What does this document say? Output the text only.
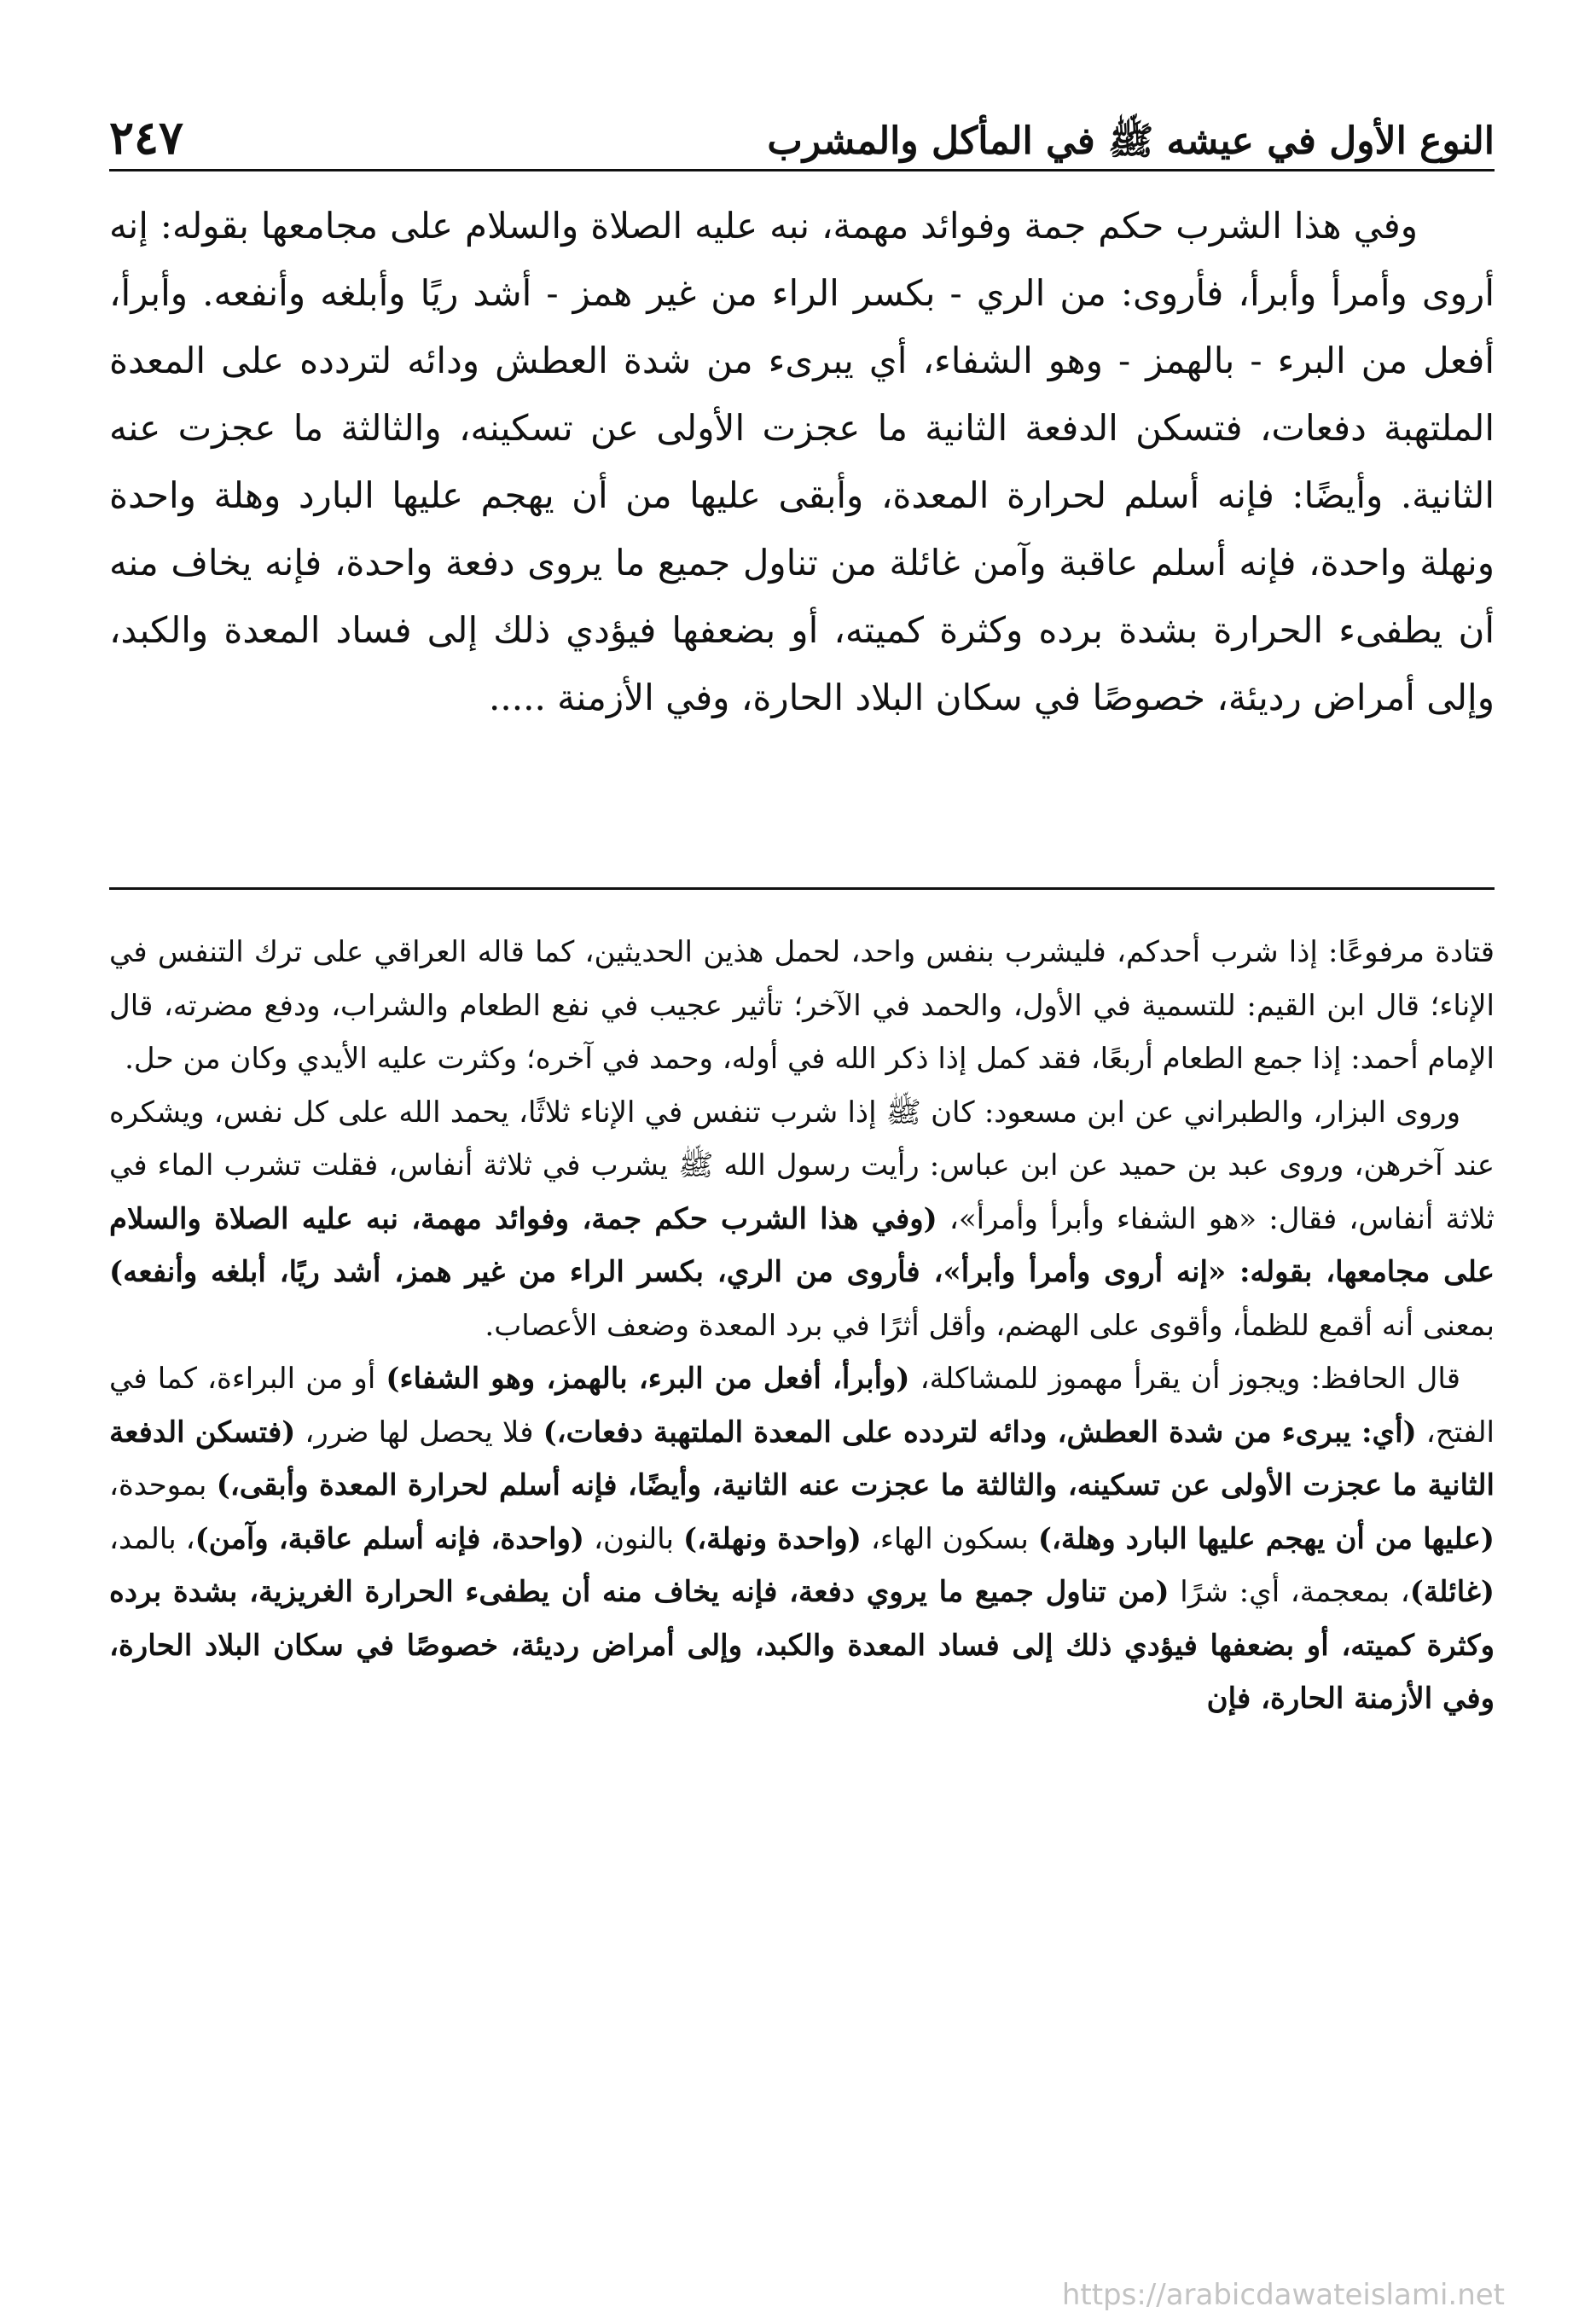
النوع الأول في عيشه ﷺ في المأكل والمشرب
٢٤٧

وفي هذا الشرب حكم جمة وفوائد مهمة، نبه عليه الصلاة والسلام على مجامعها بقوله: إنه أروى وأمرأ وأبرأ، فأروى: من الري - بكسر الراء من غير همز - أشد ريًا وأبلغه وأنفعه. وأبرأ، أفعل من البرء - بالهمز - وهو الشفاء، أي يبرىء من شدة العطش ودائه لتردده على المعدة الملتهبة دفعات، فتسكن الدفعة الثانية ما عجزت الأولى عن تسكينه، والثالثة ما عجزت عنه الثانية. وأيضًا: فإنه أسلم لحرارة المعدة، وأبقى عليها من أن يهجم عليها البارد وهلة واحدة ونهلة واحدة، فإنه أسلم عاقبة وآمن غائلة من تناول جميع ما يروى دفعة واحدة، فإنه يخاف منه أن يطفىء الحرارة بشدة برده وكثرة كميته، أو بضعفها فيؤدي ذلك إلى فساد المعدة والكبد، وإلى أمراض رديئة، خصوصًا في سكان البلاد الحارة، وفي الأزمنة .....

قتادة مرفوعًا: إذا شرب أحدكم، فليشرب بنفس واحد، لحمل هذين الحديثين، كما قاله العراقي على ترك التنفس في الإناء؛ قال ابن القيم: للتسمية في الأول، والحمد في الآخر؛ تأثير عجيب في نفع الطعام والشراب، ودفع مضرته، قال الإمام أحمد: إذا جمع الطعام أربعًا، فقد كمل إذا ذكر الله في أوله، وحمد في آخره؛ وكثرت عليه الأيدي وكان من حل.

وروى البزار، والطبراني عن ابن مسعود: كان ﷺ إذا شرب تنفس في الإناء ثلاثًا، يحمد الله على كل نفس، ويشكره عند آخرهن، وروى عبد بن حميد عن ابن عباس: رأيت رسول الله ﷺ يشرب في ثلاثة أنفاس، فقلت تشرب الماء في ثلاثة أنفاس، فقال: «هو الشفاء وأبرأ وأمرأ»، (وفي هذا الشرب حكم جمة، وفوائد مهمة، نبه عليه الصلاة والسلام على مجامعها، بقوله: «إنه أروى وأمرأ وأبرأ»، فأروى من الري، بكسر الراء من غير همز، أشد ريًا، أبلغه وأنفعه) بمعنى أنه أقمع للظمأ، وأقوى على الهضم، وأقل أثرًا في برد المعدة وضعف الأعصاب.

قال الحافظ: ويجوز أن يقرأ مهموز للمشاكلة، (وأبرأ، أفعل من البرء، بالهمز، وهو الشفاء) أو من البراءة، كما في الفتح، (أي: يبرىء من شدة العطش، ودائه لتردده على المعدة الملتهبة دفعات،) فلا يحصل لها ضرر، (فتسكن الدفعة الثانية ما عجزت الأولى عن تسكينه، والثالثة ما عجزت عنه الثانية، وأيضًا، فإنه أسلم لحرارة المعدة وأبقى،) بموحدة، (عليها من أن يهجم عليها البارد وهلة،) بسكون الهاء، (واحدة ونهلة،) بالنون، (واحدة، فإنه أسلم عاقبة، وآمن)، بالمد، (غائلة)، بمعجمة، أي: شرًا (من تناول جميع ما يروي دفعة، فإنه يخاف منه أن يطفىء الحرارة الغريزية، بشدة برده وكثرة كميته، أو بضعفها فيؤدي ذلك إلى فساد المعدة والكبد، وإلى أمراض رديئة، خصوصًا في سكان البلاد الحارة، وفي الأزمنة الحارة، فإن

https://arabicdawateislami.net
